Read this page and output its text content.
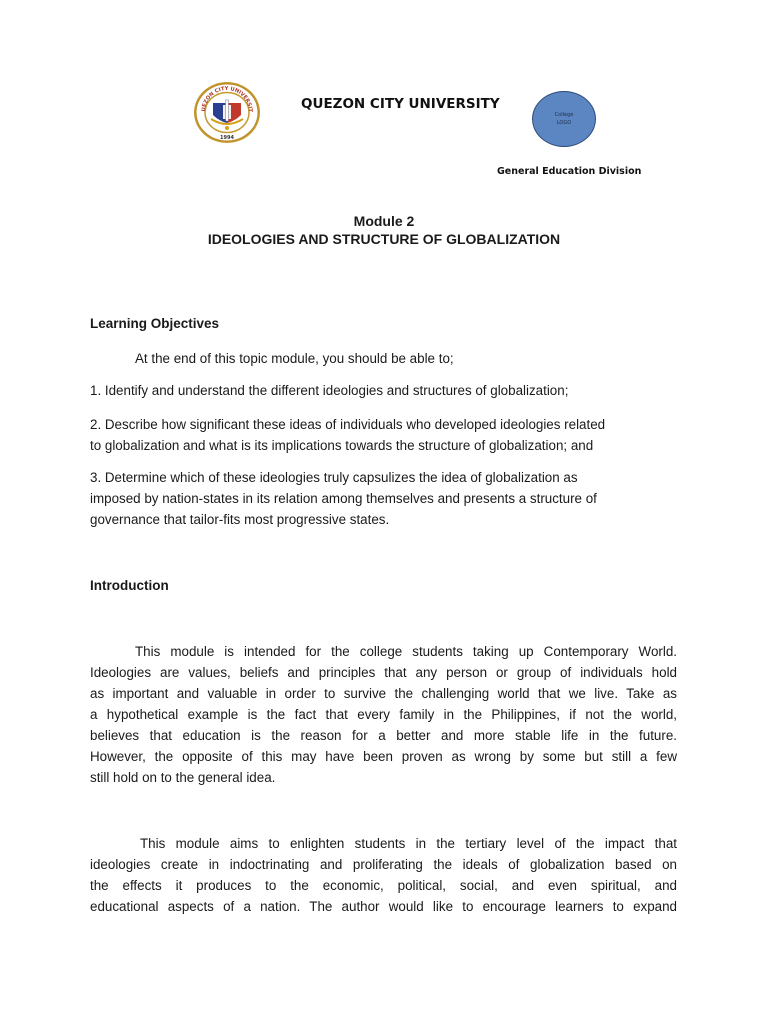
UEZON CITY UNIVERSIT
1994
QUEZON CITY UNIVERSITY
College
LOGO
General Education Division
Module 2
IDEOLOGIES AND STRUCTURE OF GLOBALIZATION
Learning Objectives
At the end of this topic module, you should be able to;
1. Identify and understand the different ideologies and structures of globalization;
2. Describe how significant these ideas of individuals who developed ideologies related
to globalization and what is its implications towards the structure of globalization; and
3. Determine which of these ideologies truly capsulizes the idea of globalization as
imposed by nation-states in its relation among themselves and presents a structure of
governance that tailor-fits most progressive states.
Introduction
This module is intended for the college students taking up Contemporary World.
Ideologies are values, beliefs and principles that any person or group of individuals hold
as important and valuable in order to survive the challenging world that we live. Take as
a hypothetical example is the fact that every family in the Philippines, if not the world,
believes that education is the reason for a better and more stable life in the future.
However, the opposite of this may have been proven as wrong by some but still a few
still hold on to the general idea.
This module aims to enlighten students in the tertiary level of the impact that
ideologies create in indoctrinating and proliferating the ideals of globalization based on
the effects it produces to the economic, political, social, and even spiritual, and
educational aspects of a nation. The author would like to encourage learners to expand
